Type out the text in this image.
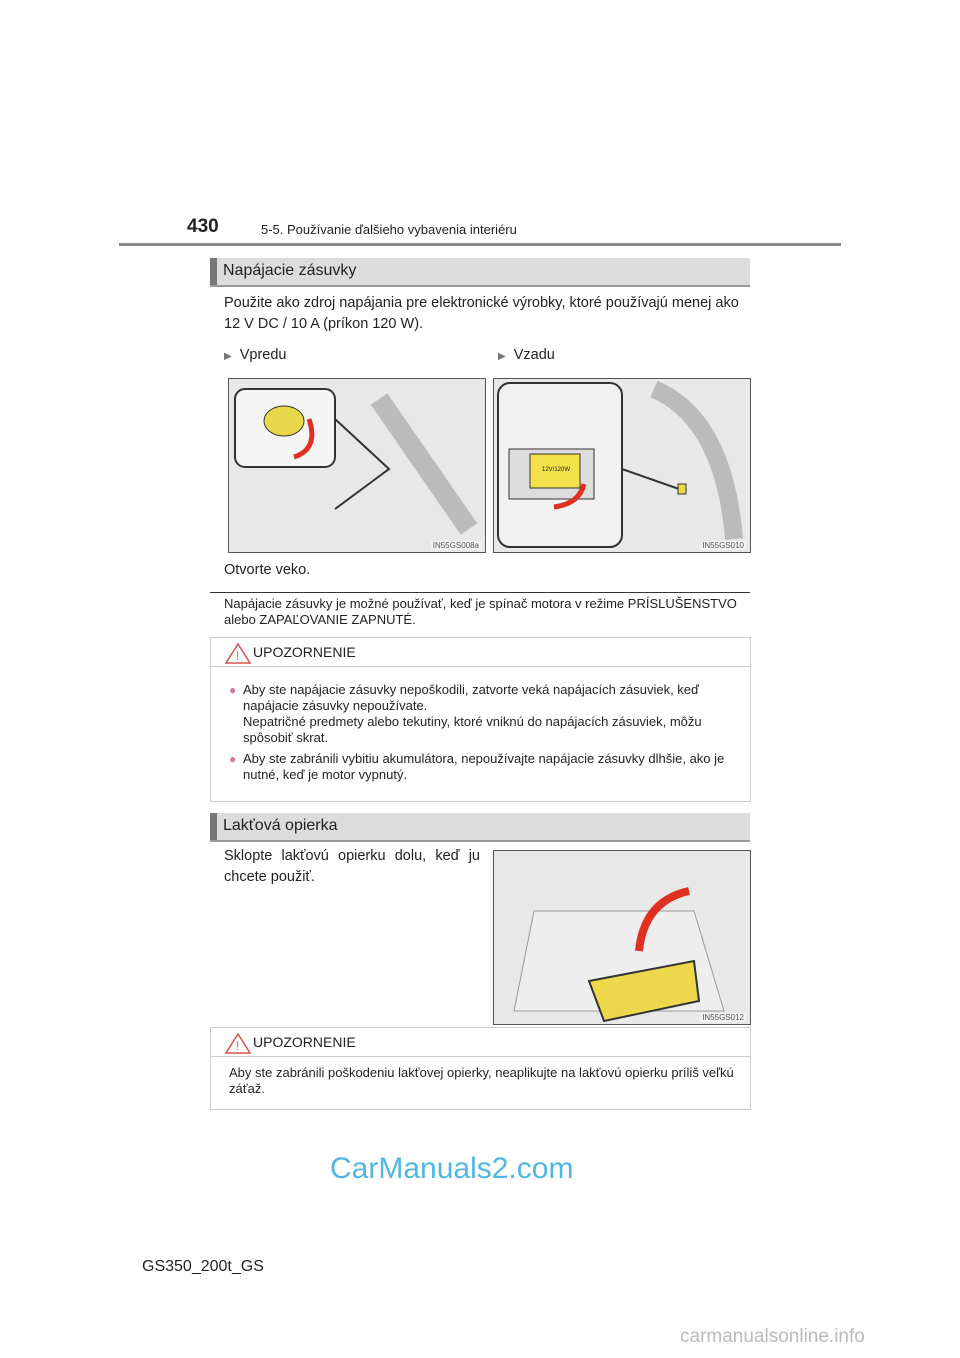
430	5-5. Používanie ďalšieho vybavenia interiéru
Napájacie zásuvky
Použite ako zdroj napájania pre elektronické výrobky, ktoré používajú menej ako 12 V DC / 10 A (príkon 120 W).
▶ Vpredu	▶ Vzadu
IN55GS008a
12V/120W
IN55GS010
Otvorte veko.
Napájacie zásuvky je možné používať, keď je spínač motora v režime PRÍSLUŠENSTVO alebo ZAPAĽOVANIE ZAPNUTÉ.
! UPOZORNENIE
● Aby ste napájacie zásuvky nepoškodili, zatvorte veká napájacích zásuviek, keď napájacie zásuvky nepoužívate.
Nepatričné predmety alebo tekutiny, ktoré vniknú do napájacích zásuviek, môžu spôsobiť skrat.
● Aby ste zabránili vybitiu akumulátora, nepoužívajte napájacie zásuvky dlhšie, ako je nutné, keď je motor vypnutý.
Lakťová opierka
Sklopte lakťovú opierku dolu, keď ju chcete použiť.
IN55GS012
! UPOZORNENIE
Aby ste zabránili poškodeniu lakťovej opierky, neaplikujte na lakťovú opierku príliš veľkú záťaž.
CarManuals2.com
GS350_200t_GS
carmanualsonline.info
